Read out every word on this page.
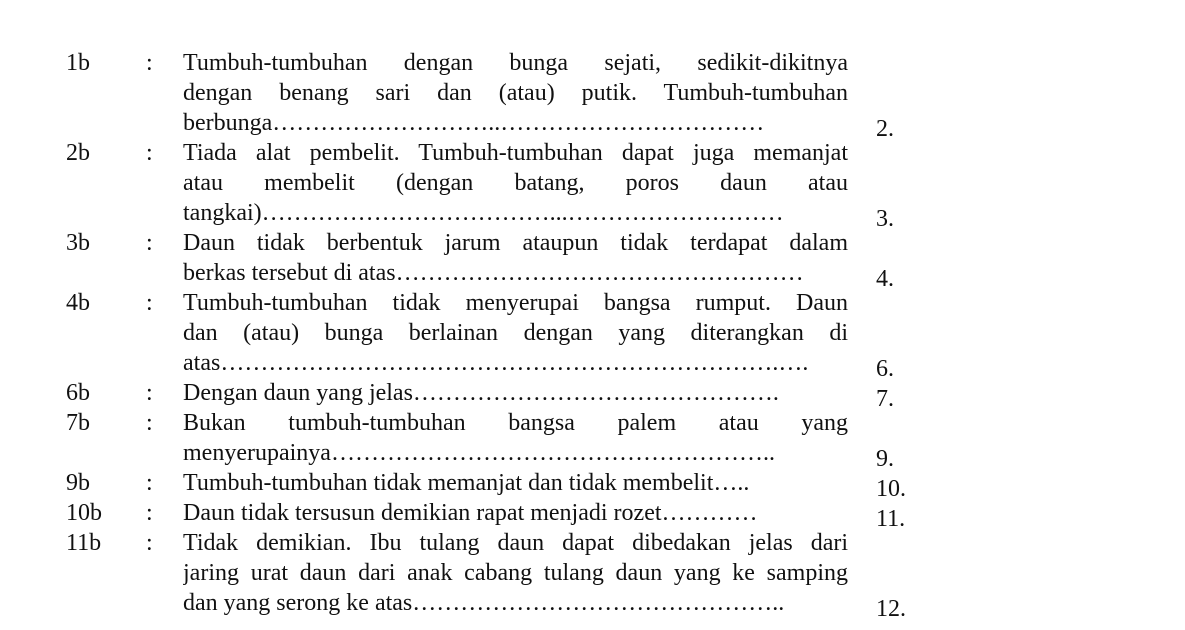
1b : Tumbuh-tumbuhan dengan bunga sejati, sedikit-dikitnya
dengan benang sari dan (atau) putik. Tumbuh-tumbuhan
berbunga………………………..……………………………	2.
2b : Tiada alat pembelit. Tumbuh-tumbuhan dapat juga memanjat
atau membelit (dengan batang, poros daun atau
tangkai)………………………………...………………………	3.
3b : Daun tidak berbentuk jarum ataupun tidak terdapat dalam
berkas tersebut di atas……………………………………………	4.
4b : Tumbuh-tumbuhan tidak menyerupai bangsa rumput. Daun
dan (atau) bunga berlainan dengan yang diterangkan di
atas…………………………………………………………….….	6.
6b : Dengan daun yang jelas……………………………………….	7.
7b : Bukan tumbuh-tumbuhan bangsa palem atau yang
menyerupainya………………………………………………..	9.
9b : Tumbuh-tumbuhan tidak memanjat dan tidak membelit…..	10.
10b : Daun tidak tersusun demikian rapat menjadi rozet…………	11.
11b : Tidak demikian. Ibu tulang daun dapat dibedakan jelas dari
jaring urat daun dari anak cabang tulang daun yang ke samping
dan yang serong ke atas………………………………………..	12.
